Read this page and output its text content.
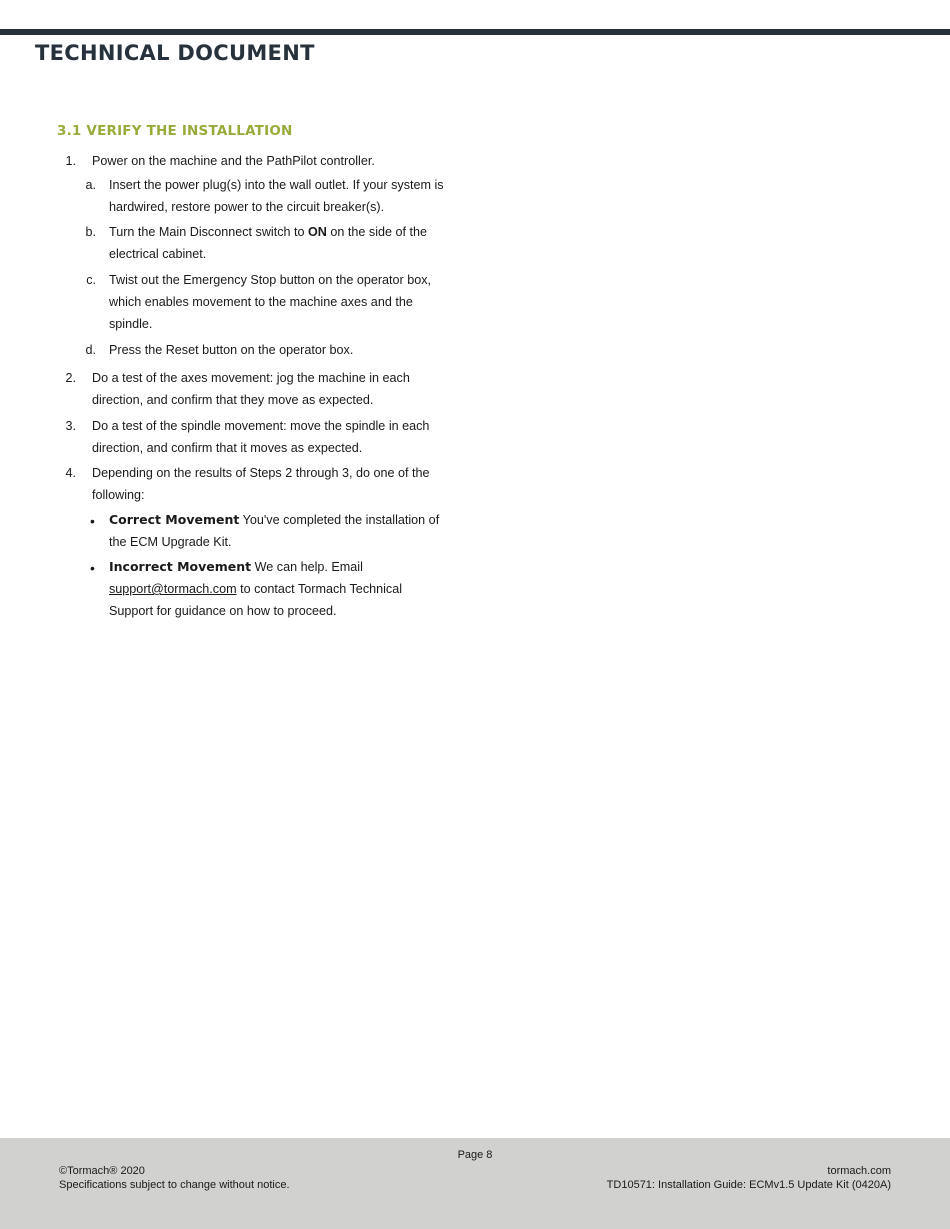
TECHNICAL DOCUMENT
3.1 VERIFY THE INSTALLATION
1. Power on the machine and the PathPilot controller.
a. Insert the power plug(s) into the wall outlet. If your system is hardwired, restore power to the circuit breaker(s).
b. Turn the Main Disconnect switch to ON on the side of the electrical cabinet.
c. Twist out the Emergency Stop button on the operator box, which enables movement to the machine axes and the spindle.
d. Press the Reset button on the operator box.
2. Do a test of the axes movement: jog the machine in each direction, and confirm that they move as expected.
3. Do a test of the spindle movement: move the spindle in each direction, and confirm that it moves as expected.
4. Depending on the results of Steps 2 through 3, do one of the following:
• Correct Movement You've completed the installation of the ECM Upgrade Kit.
• Incorrect Movement We can help. Email
support@tormach.com to contact Tormach Technical Support for guidance on how to proceed.
Page 8
©Tormach® 2020
Specifications subject to change without notice.
tormach.com
TD10571: Installation Guide: ECMv1.5 Update Kit (0420A)
